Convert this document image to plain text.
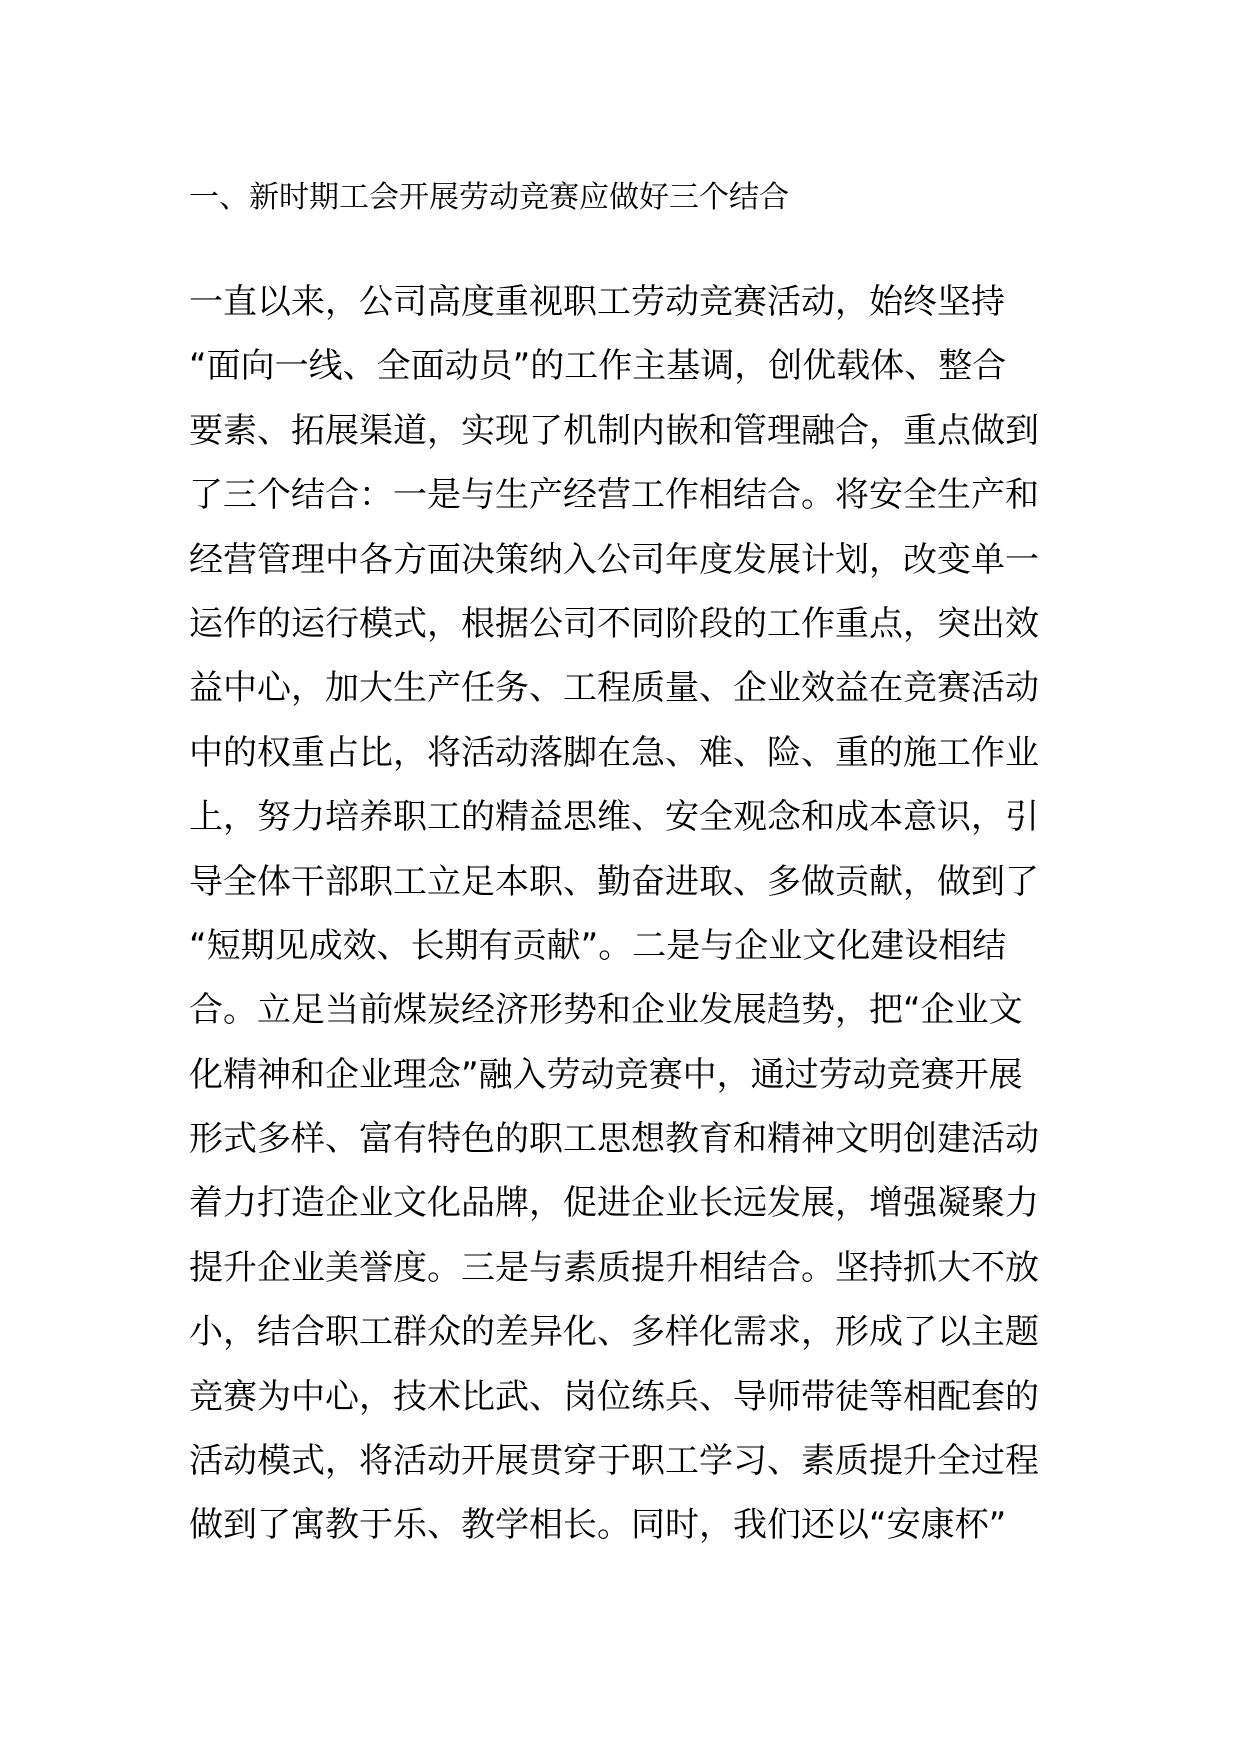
一、新时期工会开展劳动竞赛应做好三个结合
一直以来，公司高度重视职工劳动竞赛活动，始终坚持
“面向一线、全面动员”的工作主基调，创优载体、整合
要素、拓展渠道，实现了机制内嵌和管理融合，重点做到
了三个结合：一是与生产经营工作相结合。将安全生产和
经营管理中各方面决策纳入公司年度发展计划，改变单一
运作的运行模式，根据公司不同阶段的工作重点，突出效
益中心，加大生产任务、工程质量、企业效益在竞赛活动
中的权重占比，将活动落脚在急、难、险、重的施工作业
上，努力培养职工的精益思维、安全观念和成本意识，引
导全体干部职工立足本职、勤奋进取、多做贡献，做到了
“短期见成效、长期有贡献”。二是与企业文化建设相结
合。立足当前煤炭经济形势和企业发展趋势，把“企业文
化精神和企业理念”融入劳动竞赛中，通过劳动竞赛开展
形式多样、富有特色的职工思想教育和精神文明创建活动
着力打造企业文化品牌，促进企业长远发展，增强凝聚力
提升企业美誉度。三是与素质提升相结合。坚持抓大不放
小，结合职工群众的差异化、多样化需求，形成了以主题
竞赛为中心，技术比武、岗位练兵、导师带徒等相配套的
活动模式，将活动开展贯穿于职工学习、素质提升全过程
做到了寓教于乐、教学相长。同时，我们还以“安康杯”
